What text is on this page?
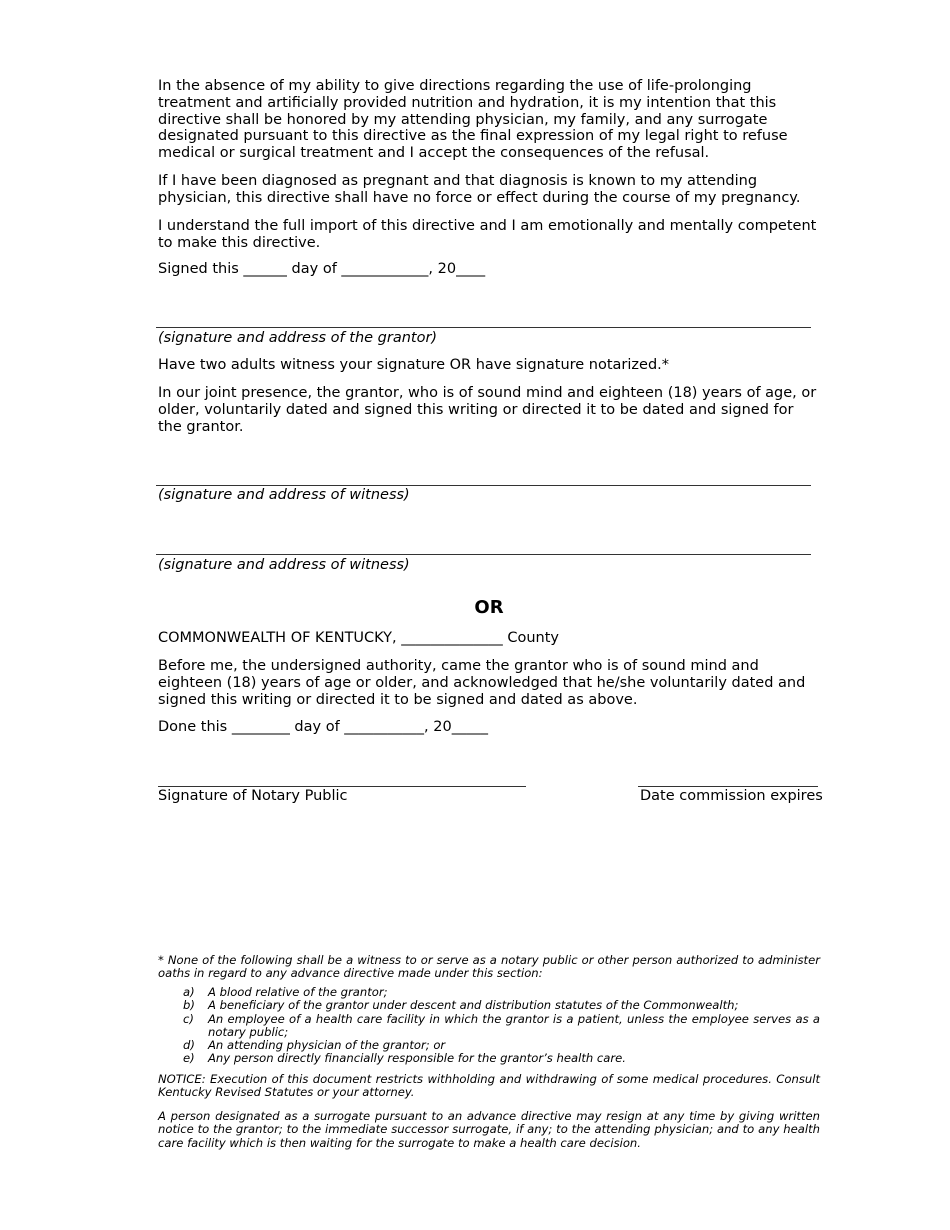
In the absence of my ability to give directions regarding the use of life-prolonging treatment and artificially provided nutrition and hydration, it is my intention that this directive shall be honored by my attending physician, my family, and any surrogate designated pursuant to this directive as the final expression of my legal right to refuse medical or surgical treatment and I accept the consequences of the refusal.

If I have been diagnosed as pregnant and that diagnosis is known to my attending physician, this directive shall have no force or effect during the course of my pregnancy.

I understand the full import of this directive and I am emotionally and mentally competent to make this directive.

Signed this ______ day of ____________, 20____
(signature and address of the grantor)
Have two adults witness your signature OR have signature notarized.*

In our joint presence, the grantor, who is of sound mind and eighteen (18) years of age, or older, voluntarily dated and signed this writing or directed it to be dated and signed for the grantor.

(signature and address of witness)
(signature and address of witness)
OR
COMMONWEALTH OF KENTUCKY, ______________ County

Before me, the undersigned authority, came the grantor who is of sound mind and eighteen (18) years of age or older, and acknowledged that he/she voluntarily dated and signed this writing or directed it to be signed and dated as above.

Done this ________ day of ___________, 20_____
Signature of Notary Public	Date commission expires
* None of the following shall be a witness to or serve as a notary public or other person authorized to administer oaths in regard to any advance directive made under this section:
a) A blood relative of the grantor;
b) A beneficiary of the grantor under descent and distribution statutes of the Commonwealth;
c) An employee of a health care facility in which the grantor is a patient, unless the employee serves as a notary public;
d) An attending physician of the grantor; or
e) Any person directly financially responsible for the grantor’s health care.
NOTICE: Execution of this document restricts withholding and withdrawing of some medical procedures. Consult Kentucky Revised Statutes or your attorney.
A person designated as a surrogate pursuant to an advance directive may resign at any time by giving written notice to the grantor; to the immediate successor surrogate, if any; to the attending physician; and to any health care facility which is then waiting for the surrogate to make a health care decision.
